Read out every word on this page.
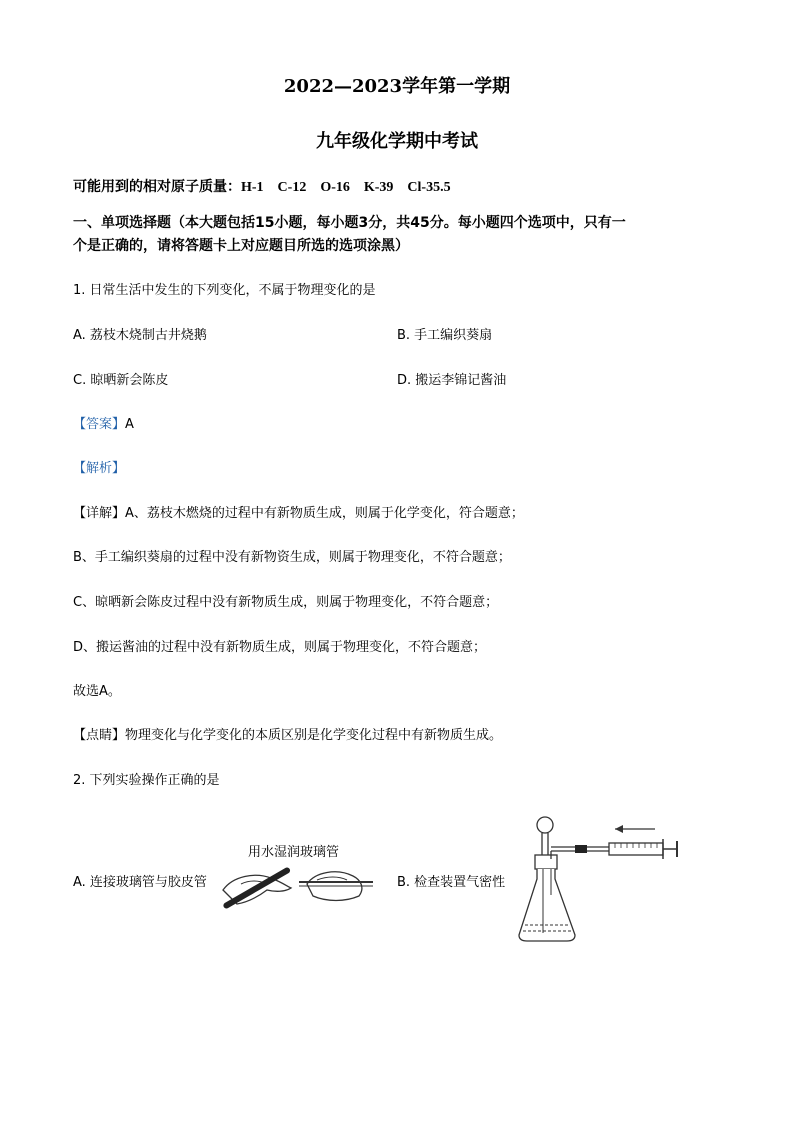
2022—2023学年第一学期
九年级化学期中考试
可能用到的相对原子质量：H-1　C-12　O-16　K-39　Cl-35.5
一、单项选择题（本大题包括15小题，每小题3分，共45分。每小题四个选项中，只有一
个是正确的，请将答题卡上对应题目所选的选项涂黑）
1. 日常生活中发生的下列变化，不属于物理变化的是
A. 荔枝木烧制古井烧鹅	B. 手工编织葵扇
C. 晾晒新会陈皮	D. 搬运李锦记酱油
【答案】A
【解析】
【详解】A、荔枝木燃烧的过程中有新物质生成，则属于化学变化，符合题意；
B、手工编织葵扇的过程中没有新物资生成，则属于物理变化，不符合题意；
C、晾晒新会陈皮过程中没有新物质生成，则属于物理变化，不符合题意；
D、搬运酱油的过程中没有新物质生成，则属于物理变化，不符合题意；
故选A。
【点睛】物理变化与化学变化的本质区别是化学变化过程中有新物质生成。
2. 下列实验操作正确的是
A. 连接玻璃管与胶皮管
用水湿润玻璃管
B. 检查装置气密性
